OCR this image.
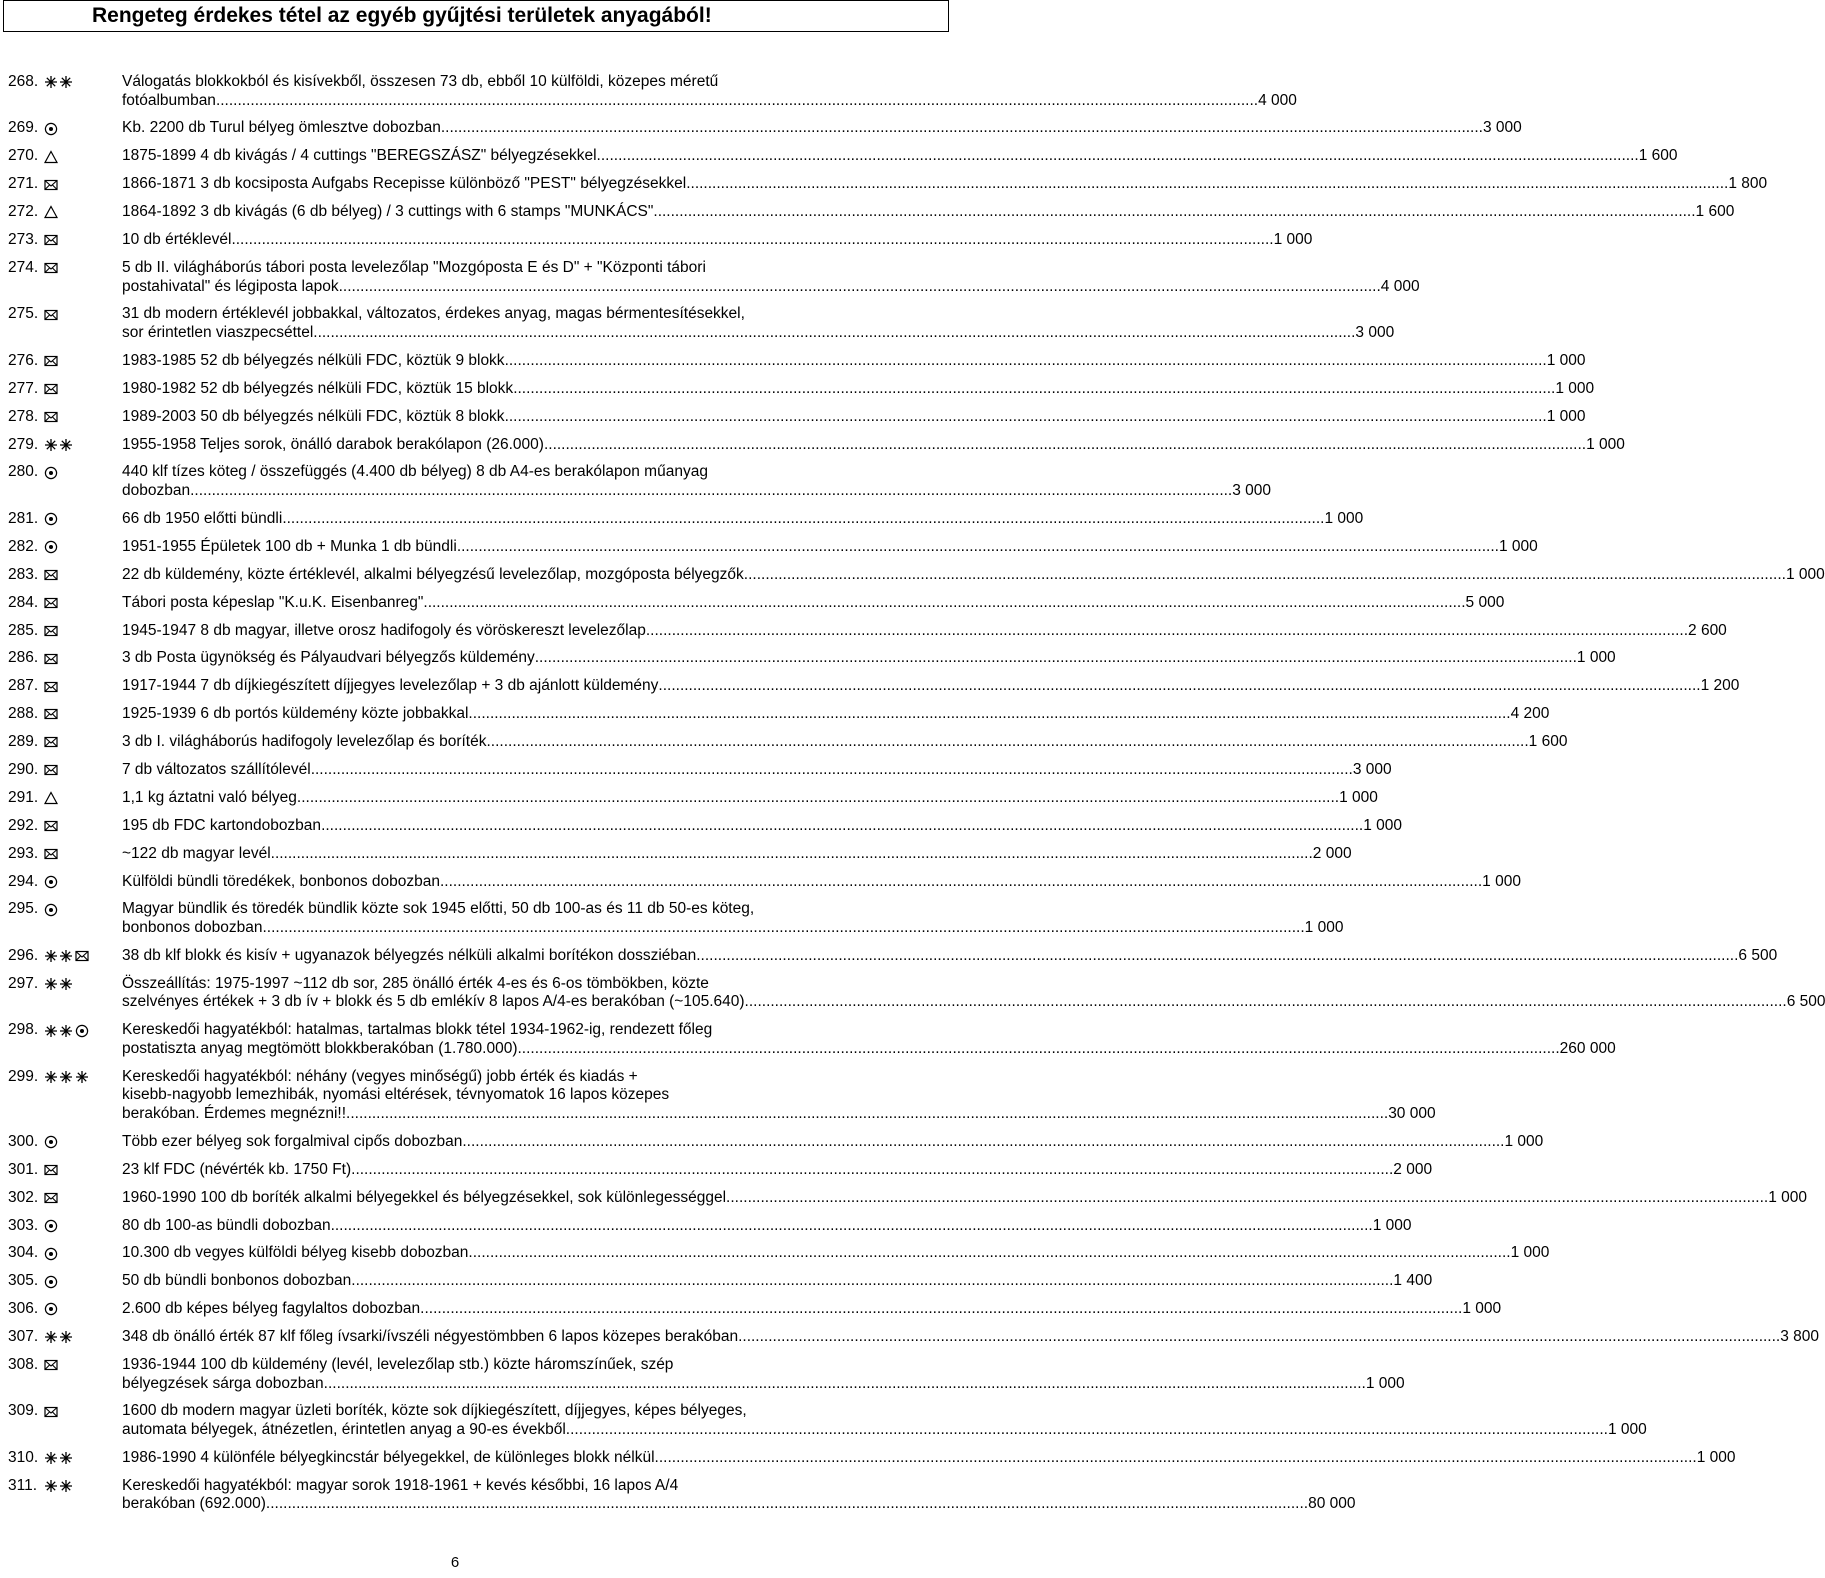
Rengeteg érdekes tétel az egyéb gyűjtési területek anyagából!
268.	Válogatás blokkokból és kisívekből, összesen 73 db, ebből 10 külföldi, közepes méretű
fotóalbumban .....	4 000
269.	Kb. 2200 db Turul bélyeg ömlesztve dobozban .....	3 000
270.	1875-1899 4 db kivágás / 4 cuttings "BEREGSZÁSZ" bélyegzésekkel .....	1 600
271.	1866-1871 3 db kocsiposta Aufgabs Recepisse különböző "PEST" bélyegzésekkel .....	1 800
272.	1864-1892 3 db kivágás (6 db bélyeg) / 3 cuttings with 6 stamps "MUNKÁCS" .....	1 600
273.	10 db értéklevél .....	1 000
274.	5 db II. világháborús tábori posta levelezőlap "Mozgóposta E és D" + "Központi tábori
postahivatal" és légiposta lapok .....	4 000
275.	31 db modern értéklevél jobbakkal, változatos, érdekes anyag, magas bérmentesítésekkel,
sor érintetlen viaszpecséttel .....	3 000
276.	1983-1985 52 db bélyegzés nélküli FDC, köztük 9 blokk .....	1 000
277.	1980-1982 52 db bélyegzés nélküli FDC, köztük 15 blokk .....	1 000
278.	1989-2003 50 db bélyegzés nélküli FDC, köztük 8 blokk .....	1 000
279.	1955-1958 Teljes sorok, önálló darabok berakólapon (26.000) .....	1 000
280.	440 klf tízes köteg / összefüggés (4.400 db bélyeg) 8 db A4-es berakólapon műanyag
dobozban .....	3 000
281.	66 db 1950 előtti bündli .....	1 000
282.	1951-1955 Épületek 100 db + Munka 1 db bündli .....	1 000
283.	22 db küldemény, közte értéklevél, alkalmi bélyegzésű levelezőlap, mozgóposta bélyegzők .....	1 000
284.	Tábori posta képeslap "K.u.K. Eisenbanreg" .....	5 000
285.	1945-1947 8 db magyar, illetve orosz hadifogoly és vöröskereszt levelezőlap .....	2 600
286.	3 db Posta ügynökség és Pályaudvari bélyegzős küldemény .....	1 000
287.	1917-1944 7 db díjkiegészített díjjegyes levelezőlap + 3 db ajánlott küldemény .....	1 200
288.	1925-1939 6 db portós küldemény közte jobbakkal .....	4 200
289.	3 db I. világháborús hadifogoly levelezőlap és boríték .....	1 600
290.	7 db változatos szállítólevél .....	3 000
291.	1,1 kg áztatni való bélyeg .....	1 000
292.	195 db FDC kartondobozban .....	1 000
293.	~122 db magyar levél .....	2 000
294.	Külföldi bündli töredékek, bonbonos dobozban .....	1 000
295.	Magyar bündlik és töredék bündlik közte sok 1945 előtti, 50 db 100-as és 11 db 50-es köteg,
bonbonos dobozban .....	1 000
296.	38 db klf blokk és kisív + ugyanazok bélyegzés nélküli alkalmi borítékon dossziéban .....	6 500
297.	Összeállítás: 1975-1997 ~112 db sor, 285 önálló érték 4-es és 6-os tömbökben, közte
szelvényes értékek + 3 db ív + blokk és 5 db emlékív 8 lapos A/4-es berakóban (~105.640) .....	6 500
298.	Kereskedői hagyatékból: hatalmas, tartalmas blokk tétel 1934-1962-ig, rendezett főleg
postatiszta anyag megtömött blokkberakóban (1.780.000) .....	260 000
299.	Kereskedői hagyatékból: néhány (vegyes minőségű) jobb érték és kiadás +
kisebb-nagyobb lemezhibák, nyomási eltérések, tévnyomatok 16 lapos közepes
berakóban. Érdemes megnézni!! .....	30 000
300.	Több ezer bélyeg sok forgalmival cipős dobozban .....	1 000
301.	23 klf FDC (névérték kb. 1750 Ft) .....	2 000
302.	1960-1990 100 db boríték alkalmi bélyegekkel és bélyegzésekkel, sok különlegességgel .....	1 000
303.	80 db 100-as bündli dobozban .....	1 000
304.	10.300 db vegyes külföldi bélyeg kisebb dobozban .....	1 000
305.	50 db bündli bonbonos dobozban .....	1 400
306.	2.600 db képes bélyeg fagylaltos dobozban .....	1 000
307.	348 db önálló érték 87 klf főleg ívsarki/ívszéli négyestömbben 6 lapos közepes berakóban .....	3 800
308.	1936-1944 100 db küldemény (levél, levelezőlap stb.) közte háromszínűek, szép
bélyegzések sárga dobozban .....	1 000
309.	1600 db modern magyar üzleti boríték, közte sok díjkiegészített, díjjegyes, képes bélyeges,
automata bélyegek, átnézetlen, érintetlen anyag a 90-es évekből .....	1 000
310.	1986-1990 4 különféle bélyegkincstár bélyegekkel, de különleges blokk nélkül .....	1 000
311.	Kereskedői hagyatékból: magyar sorok 1918-1961 + kevés későbbi, 16 lapos A/4
berakóban (692.000) .....	80 000
6
